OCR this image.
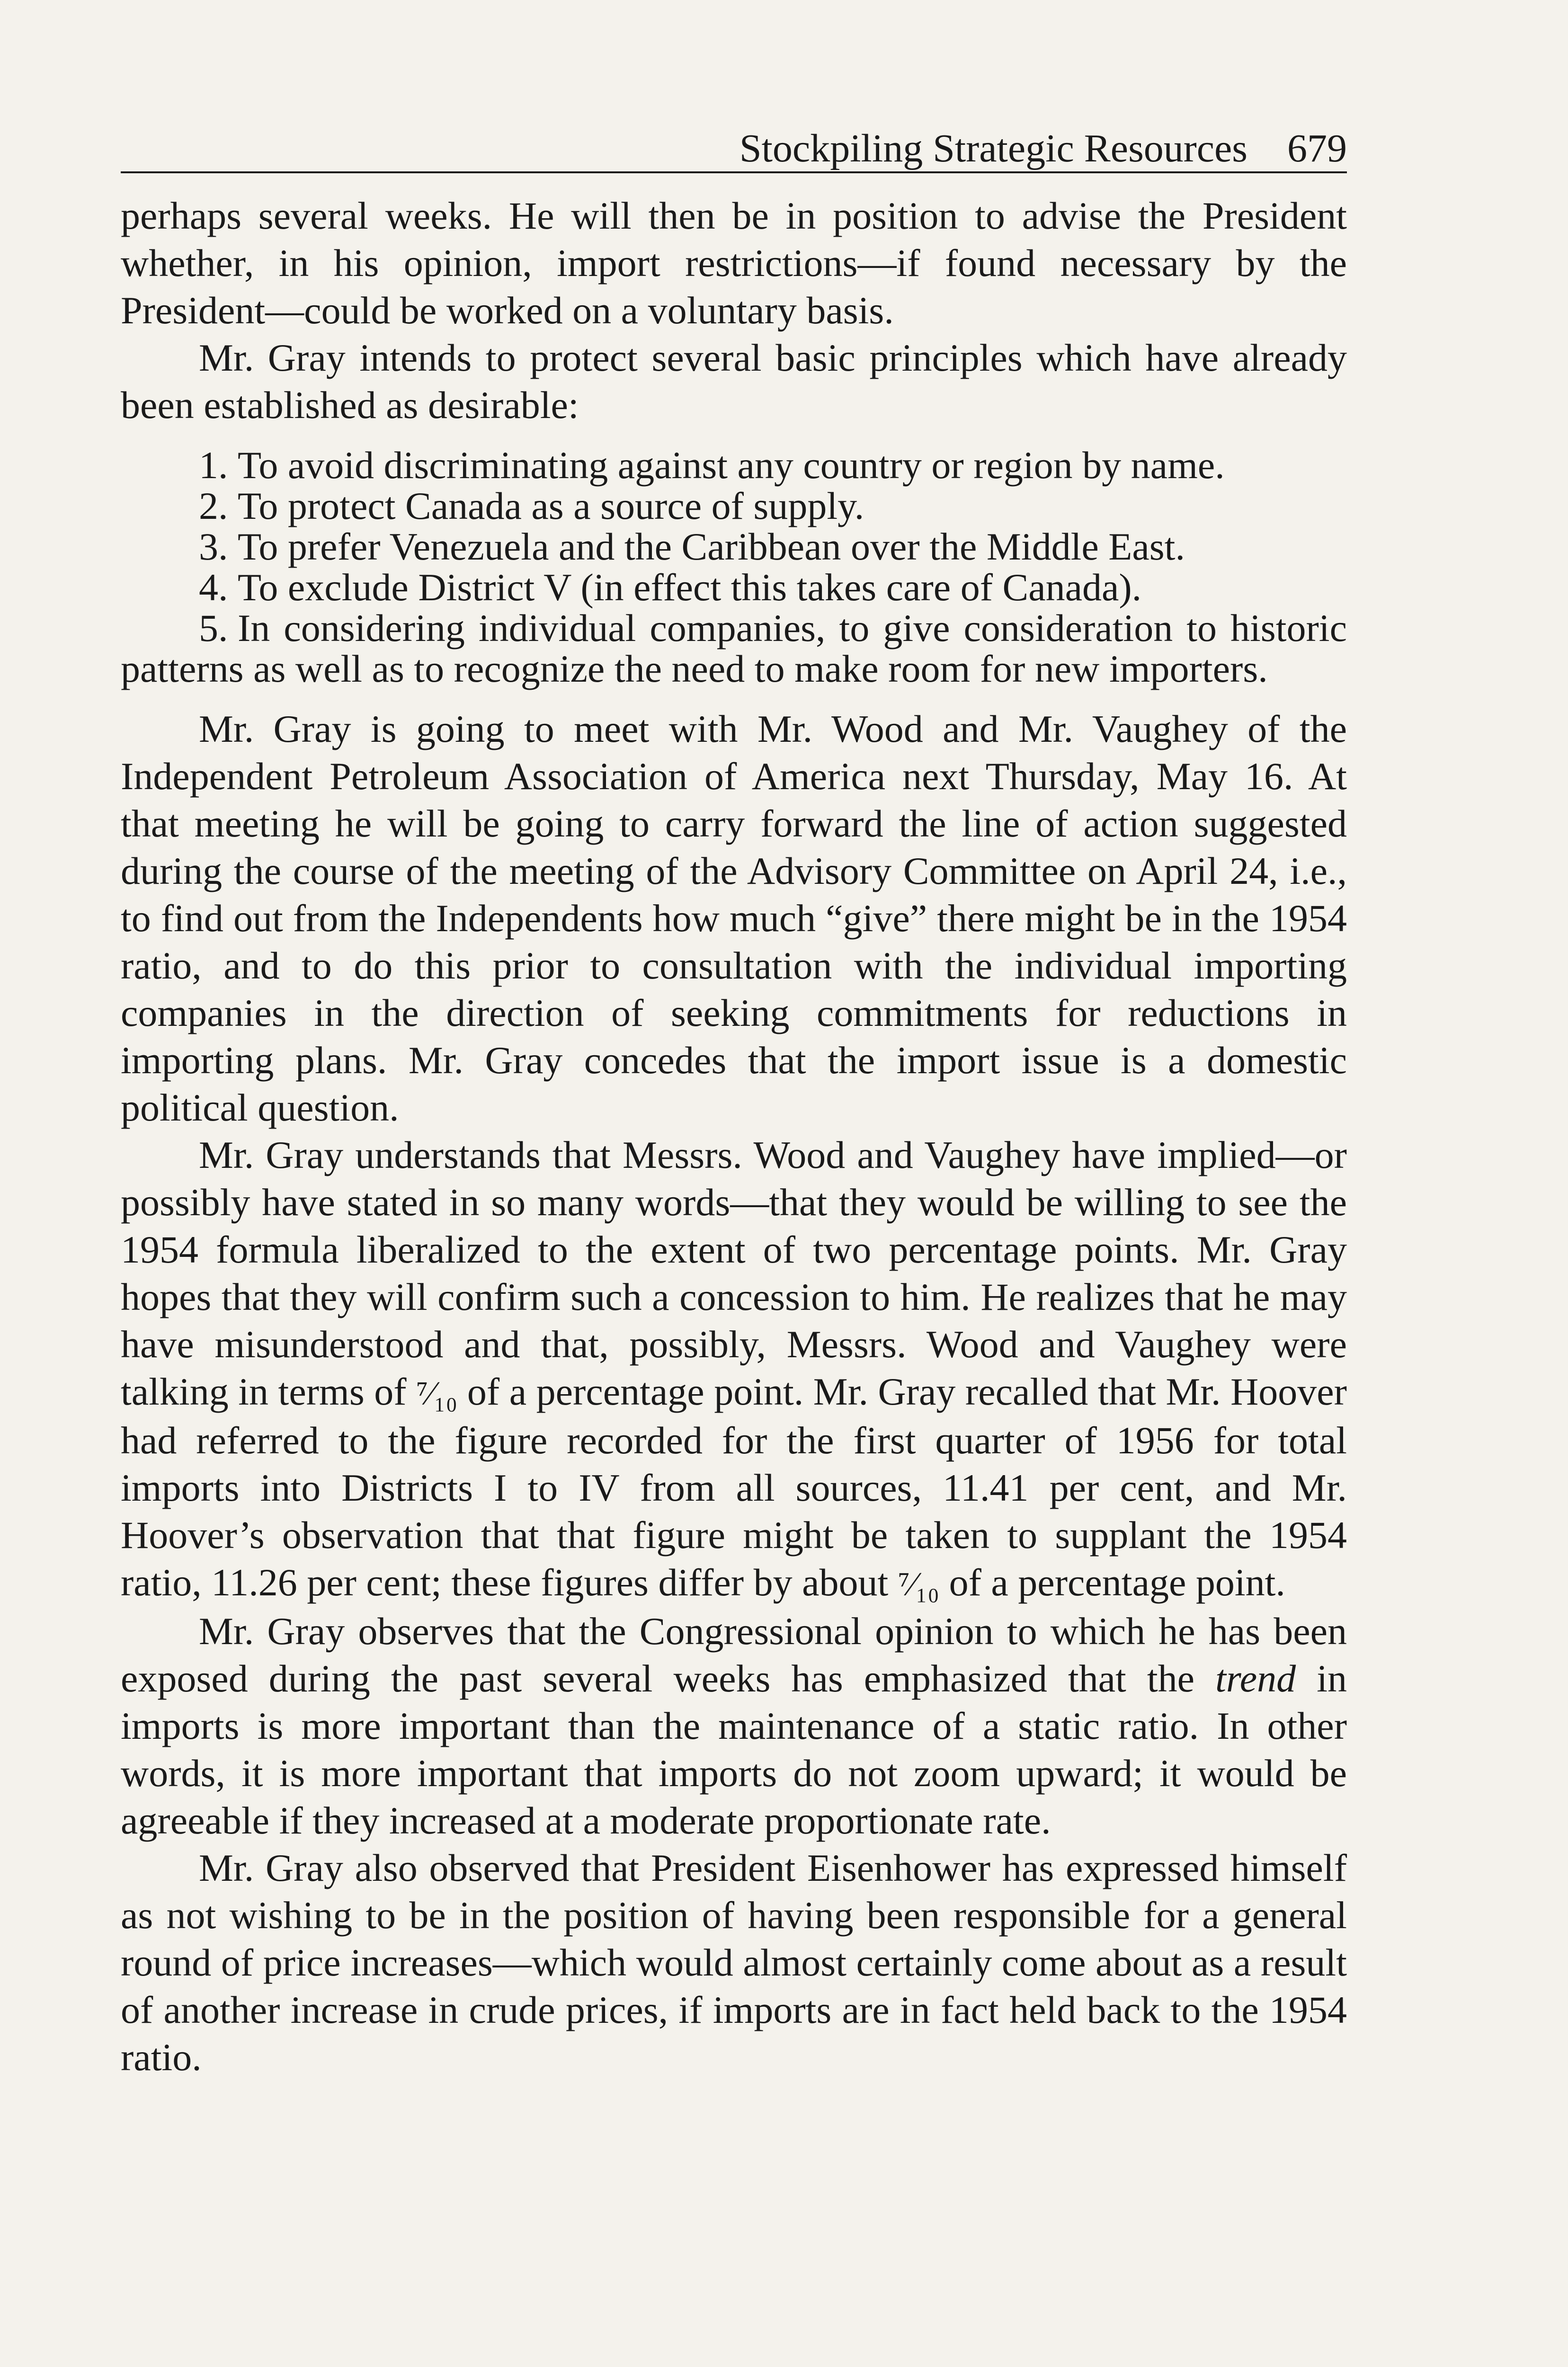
Stockpiling Strategic Resources 679

perhaps several weeks. He will then be in position to advise the President whether, in his opinion, import restrictions—if found necessary by the President—could be worked on a voluntary basis.

Mr. Gray intends to protect several basic principles which have already been established as desirable:

1. To avoid discriminating against any country or region by name.
2. To protect Canada as a source of supply.
3. To prefer Venezuela and the Caribbean over the Middle East.
4. To exclude District V (in effect this takes care of Canada).
5. In considering individual companies, to give consideration to historic patterns as well as to recognize the need to make room for new importers.

Mr. Gray is going to meet with Mr. Wood and Mr. Vaughey of the Independent Petroleum Association of America next Thursday, May 16. At that meeting he will be going to carry forward the line of action suggested during the course of the meeting of the Advisory Committee on April 24, i.e., to find out from the Independents how much “give” there might be in the 1954 ratio, and to do this prior to consultation with the individual importing companies in the direction of seeking commitments for reductions in importing plans. Mr. Gray concedes that the import issue is a domestic political question.

Mr. Gray understands that Messrs. Wood and Vaughey have implied—or possibly have stated in so many words—that they would be willing to see the 1954 formula liberalized to the extent of two percentage points. Mr. Gray hopes that they will confirm such a concession to him. He realizes that he may have misunderstood and that, possibly, Messrs. Wood and Vaughey were talking in terms of ⁷⁄₁₀ of a percentage point. Mr. Gray recalled that Mr. Hoover had referred to the figure recorded for the first quarter of 1956 for total imports into Districts I to IV from all sources, 11.41 per cent, and Mr. Hoover’s observation that that figure might be taken to supplant the 1954 ratio, 11.26 per cent; these figures differ by about ⁷⁄₁₀ of a percentage point.

Mr. Gray observes that the Congressional opinion to which he has been exposed during the past several weeks has emphasized that the trend in imports is more important than the maintenance of a static ratio. In other words, it is more important that imports do not zoom upward; it would be agreeable if they increased at a moderate proportionate rate.

Mr. Gray also observed that President Eisenhower has expressed himself as not wishing to be in the position of having been responsible for a general round of price increases—which would almost certainly come about as a result of another increase in crude prices, if imports are in fact held back to the 1954 ratio.
